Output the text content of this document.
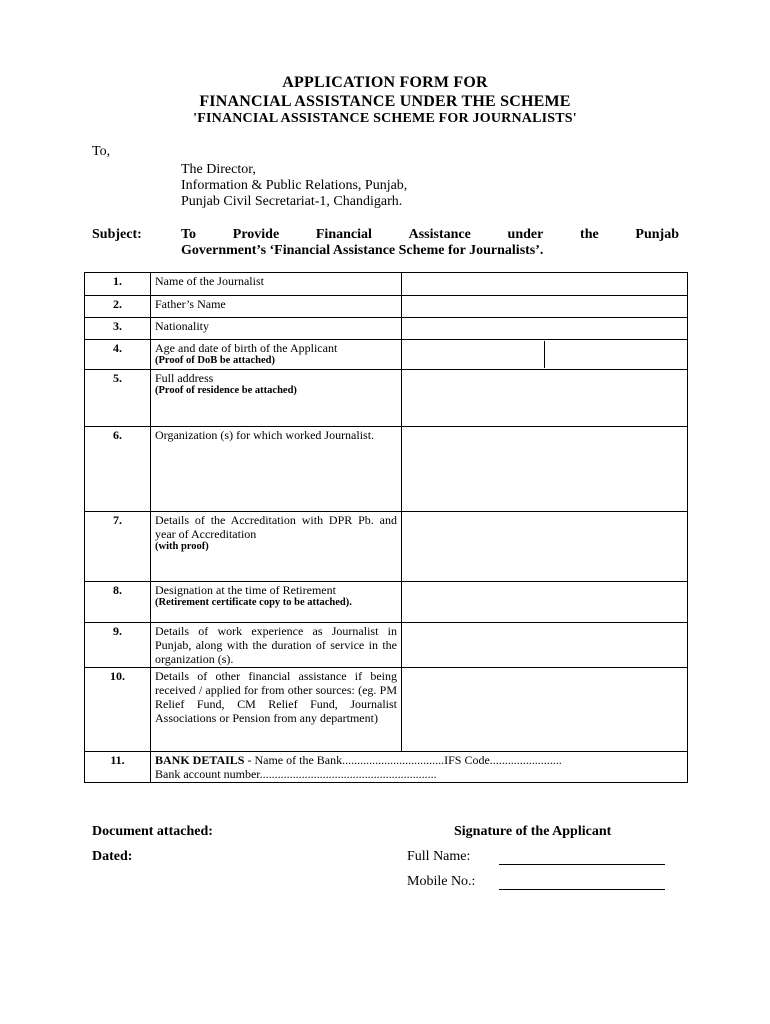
APPLICATION FORM FOR
FINANCIAL ASSISTANCE UNDER THE SCHEME
'FINANCIAL ASSISTANCE SCHEME FOR JOURNALISTS'
To,
The Director,
Information & Public Relations, Punjab,
Punjab Civil Secretariat-1, Chandigarh.
Subject:	To	Provide	Financial	Assistance	under	the	Punjab
Government’s ‘Financial Assistance Scheme for Journalists’.
1.	Name of the Journalist	
2.	Father’s Name	
3.	Nationality	
4.	Age and date of birth of the Applicant
(Proof of DoB be attached)	

5.	Full address
(Proof of residence be attached)	

6.	Organization (s) for which worked Journalist.	
7.	Details of the Accreditation with DPR Pb. and year of Accreditation
(with proof)	

8.	Designation at the time of Retirement
(Retirement certificate copy to be attached).	

9.	Details of work experience as Journalist in Punjab, along with the duration of service in the organization (s).	
10.	Details of other financial assistance if being received / applied for from other sources: (eg. PM Relief Fund, CM Relief Fund, Journalist Associations or Pension from any department)	
11.	BANK DETAILS - Name of the Bank..................................IFS Code........................
Bank account number...........................................................	
Document attached:
Dated:
Signature of the Applicant
Full Name:
Mobile No.:
